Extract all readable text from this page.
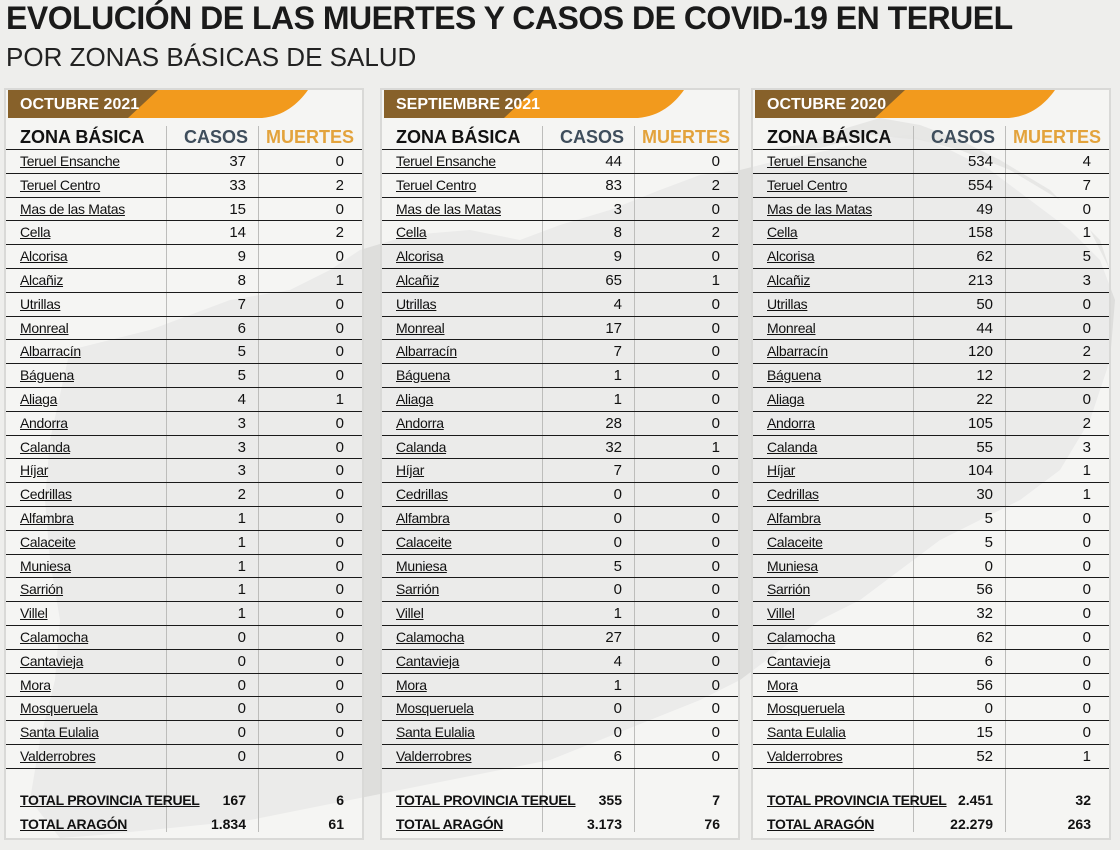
EVOLUCIÓN DE LAS MUERTES Y CASOS DE COVID-19 EN TERUEL
POR ZONAS BÁSICAS DE SALUD
OCTUBRE 2021
ZONA BÁSICA CASOS MUERTES
Teruel Ensanche	37	0
Teruel Centro	33	2
Mas de las Matas	15	0
Cella	14	2
Alcorisa	9	0
Alcañiz	8	1
Utrillas	7	0
Monreal	6	0
Albarracín	5	0
Báguena	5	0
Aliaga	4	1
Andorra	3	0
Calanda	3	0
Híjar	3	0
Cedrillas	2	0
Alfambra	1	0
Calaceite	1	0
Muniesa	1	0
Sarrión	1	0
Villel	1	0
Calamocha	0	0
Cantavieja	0	0
Mora	0	0
Mosqueruela	0	0
Santa Eulalia	0	0
Valderrobres	0	0
TOTAL PROVINCIA TERUEL 167	6
TOTAL ARAGÓN	1.834	61
SEPTIEMBRE 2021
ZONA BÁSICA CASOS MUERTES
Teruel Ensanche	44	0
Teruel Centro	83	2
Mas de las Matas	3	0
Cella	8	2
Alcorisa	9	0
Alcañiz	65	1
Utrillas	4	0
Monreal	17	0
Albarracín	7	0
Báguena	1	0
Aliaga	1	0
Andorra	28	0
Calanda	32	1
Híjar	7	0
Cedrillas	0	0
Alfambra	0	0
Calaceite	0	0
Muniesa	5	0
Sarrión	0	0
Villel	1	0
Calamocha	27	0
Cantavieja	4	0
Mora	1	0
Mosqueruela	0	0
Santa Eulalia	0	0
Valderrobres	6	0
TOTAL PROVINCIA TERUEL 355	7
TOTAL ARAGÓN	3.173	76
OCTUBRE 2020
ZONA BÁSICA CASOS MUERTES
Teruel Ensanche	534	4
Teruel Centro	554	7
Mas de las Matas	49	0
Cella	158	1
Alcorisa	62	5
Alcañiz	213	3
Utrillas	50	0
Monreal	44	0
Albarracín	120	2
Báguena	12	2
Aliaga	22	0
Andorra	105	2
Calanda	55	3
Híjar	104	1
Cedrillas	30	1
Alfambra	5	0
Calaceite	5	0
Muniesa	0	0
Sarrión	56	0
Villel	32	0
Calamocha	62	0
Cantavieja	6	0
Mora	56	0
Mosqueruela	0	0
Santa Eulalia	15	0
Valderrobres	52	1
TOTAL PROVINCIA TERUEL 2.451	32
TOTAL ARAGÓN	22.279	263
